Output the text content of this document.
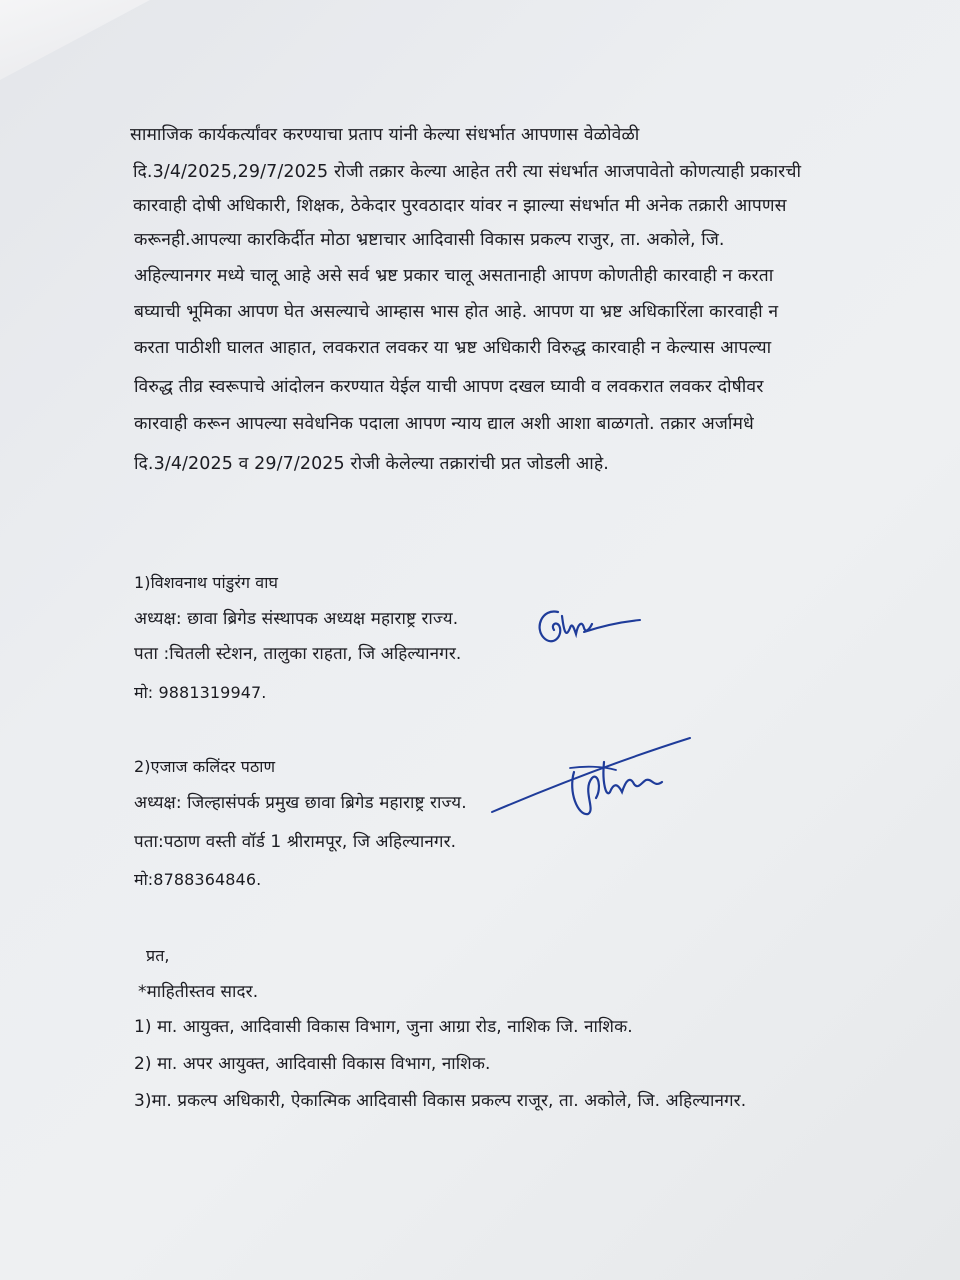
सामाजिक कार्यकर्त्यांवर करण्याचा प्रताप यांनी केल्या संधर्भात आपणास वेळोवेळी

दि.3/4/2025,29/7/2025 रोजी तक्रार केल्या आहेत तरी त्या संधर्भात आजपावेतो कोणत्याही प्रकारची

कारवाही दोषी अधिकारी, शिक्षक, ठेकेदार पुरवठादार यांवर न झाल्या संधर्भात मी अनेक तक्रारी आपणस

करूनही.आपल्या कारकिर्दीत मोठा भ्रष्टाचार आदिवासी विकास प्रकल्प राजुर, ता. अकोले, जि.

अहिल्यानगर मध्ये चालू आहे असे सर्व भ्रष्ट प्रकार चालू असतानाही आपण कोणतीही कारवाही न करता

बघ्याची भूमिका आपण घेत असल्याचे आम्हास भास होत आहे. आपण या भ्रष्ट अधिकारिंला कारवाही न

करता पाठीशी घालत आहात, लवकरात लवकर या भ्रष्ट अधिकारी विरुद्ध कारवाही न केल्यास आपल्या

विरुद्ध तीव्र स्वरूपाचे आंदोलन करण्यात येईल याची आपण दखल घ्यावी व लवकरात लवकर दोषीवर

कारवाही करून आपल्या सवेधनिक पदाला आपण न्याय द्याल अशी आशा बाळगतो. तक्रार अर्जामधे

दि.3/4/2025 व 29/7/2025 रोजी केलेल्या तक्रारांची प्रत जोडली आहे.

1)विशवनाथ पांडुरंग वाघ

अध्यक्ष: छावा ब्रिगेड संस्थापक अध्यक्ष महाराष्ट्र राज्य.

पता :चितली स्टेशन, तालुका राहता, जि अहिल्यानगर.

मो: 9881319947.

2)एजाज कलिंदर पठाण

अध्यक्ष: जिल्हासंपर्क प्रमुख छावा ब्रिगेड महाराष्ट्र राज्य.

पता:पठाण वस्ती वॉर्ड 1 श्रीरामपूर, जि अहिल्यानगर.

मो:8788364846.

प्रत,

*माहितीस्तव सादर.

1) मा. आयुक्त, आदिवासी विकास विभाग, जुना आग्रा रोड, नाशिक जि. नाशिक.

2) मा. अपर आयुक्त, आदिवासी विकास विभाग, नाशिक.

3)मा. प्रकल्प अधिकारी, ऐकात्मिक आदिवासी विकास प्रकल्प राजूर, ता. अकोले, जि. अहिल्यानगर.
